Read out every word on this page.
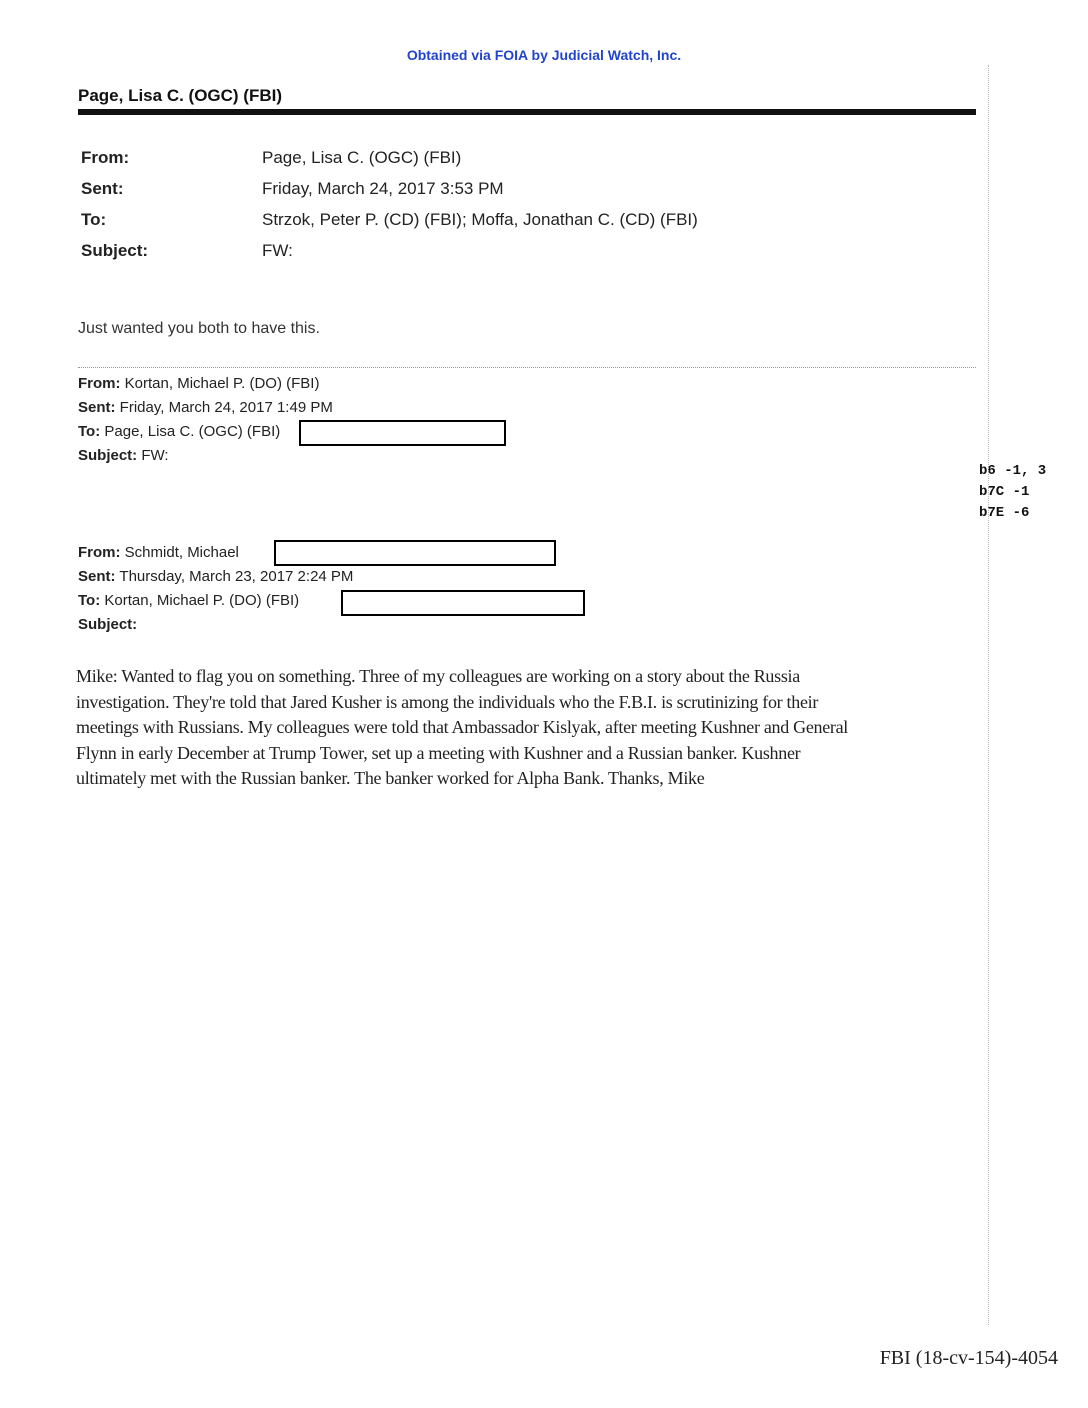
Obtained via FOIA by Judicial Watch, Inc.
Page, Lisa C. (OGC) (FBI)
From:	Page, Lisa C. (OGC) (FBI)
Sent:	Friday, March 24, 2017 3:53 PM
To:	Strzok, Peter P. (CD) (FBI); Moffa, Jonathan C. (CD) (FBI)
Subject:	FW:
Just wanted you both to have this.
From: Kortan, Michael P. (DO) (FBI)
Sent: Friday, March 24, 2017 1:49 PM
To: Page, Lisa C. (OGC) (FBI)
Subject: FW:
b6 -1, 3
b7C -1
b7E -6
From: Schmidt, Michael
Sent: Thursday, March 23, 2017 2:24 PM
To: Kortan, Michael P. (DO) (FBI)
Subject:
Mike: Wanted to flag you on something. Three of my colleagues are working on a story about the Russia
investigation. They're told that Jared Kusher is among the individuals who the F.B.I. is scrutinizing for their
meetings with Russians. My colleagues were told that Ambassador Kislyak, after meeting Kushner and General
Flynn in early December at Trump Tower, set up a meeting with Kushner and a Russian banker. Kushner
ultimately met with the Russian banker. The banker worked for Alpha Bank. Thanks, Mike
FBI (18-cv-154)-4054
